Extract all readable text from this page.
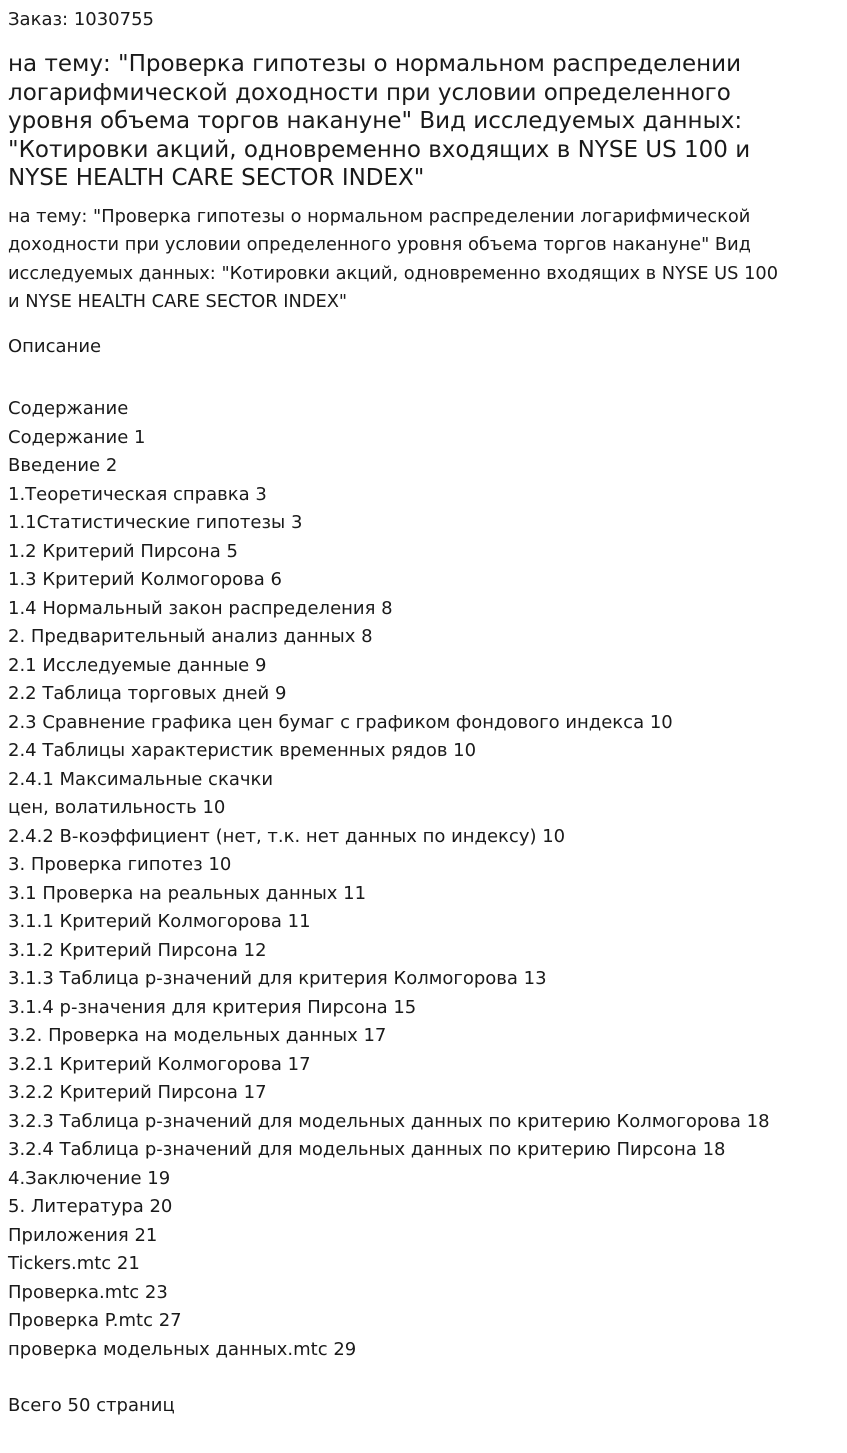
Заказ: 1030755

на тему: "Проверка гипотезы о нормальном распределении
логарифмической доходности при условии определенного
уровня объема торгов накануне" Вид исследуемых данных:
"Котировки акций, одновременно входящих в NYSE US 100 и
NYSE HEALTH CARE SECTOR INDEX"

на тему: "Проверка гипотезы о нормальном распределении логарифмической
доходности при условии определенного уровня объема торгов накануне" Вид
исследуемых данных: "Котировки акций, одновременно входящих в NYSE US 100
и NYSE HEALTH CARE SECTOR INDEX"

Описание

Содержание

Содержание 1
Введение 2
1.Теоретическая справка 3
1.1Статистические гипотезы 3
1.2 Критерий Пирсона 5
1.3 Критерий Колмогорова 6
1.4 Нормальный закон распределения 8
2. Предварительный анализ данных 8
2.1 Исследуемые данные 9
2.2 Таблица торговых дней 9
2.3 Сравнение графика цен бумаг с графиком фондового индекса 10
2.4 Таблицы характеристик временных рядов 10
2.4.1 Максимальные скачки
цен, волатильность 10
2.4.2 В-коэффициент (нет, т.к. нет данных по индексу) 10
3. Проверка гипотез 10
3.1 Проверка на реальных данных 11
3.1.1 Критерий Колмогорова 11
3.1.2 Критерий Пирсона 12
3.1.3 Таблица p-значений для критерия Колмогорова 13
3.1.4 p-значения для критерия Пирсона 15
3.2. Проверка на модельных данных 17
3.2.1 Критерий Колмогорова 17
3.2.2 Критерий Пирсона 17
3.2.3 Таблица p-значений для модельных данных по критерию Колмогорова 18
3.2.4 Таблица p-значений для модельных данных по критерию Пирсона 18
4.Заключение 19
5. Литература 20
Приложения 21
Tickers.mtc 21
Проверка.mtc 23
Проверка P.mtc 27
проверка модельных данных.mtc 29

Всего 50 страниц
